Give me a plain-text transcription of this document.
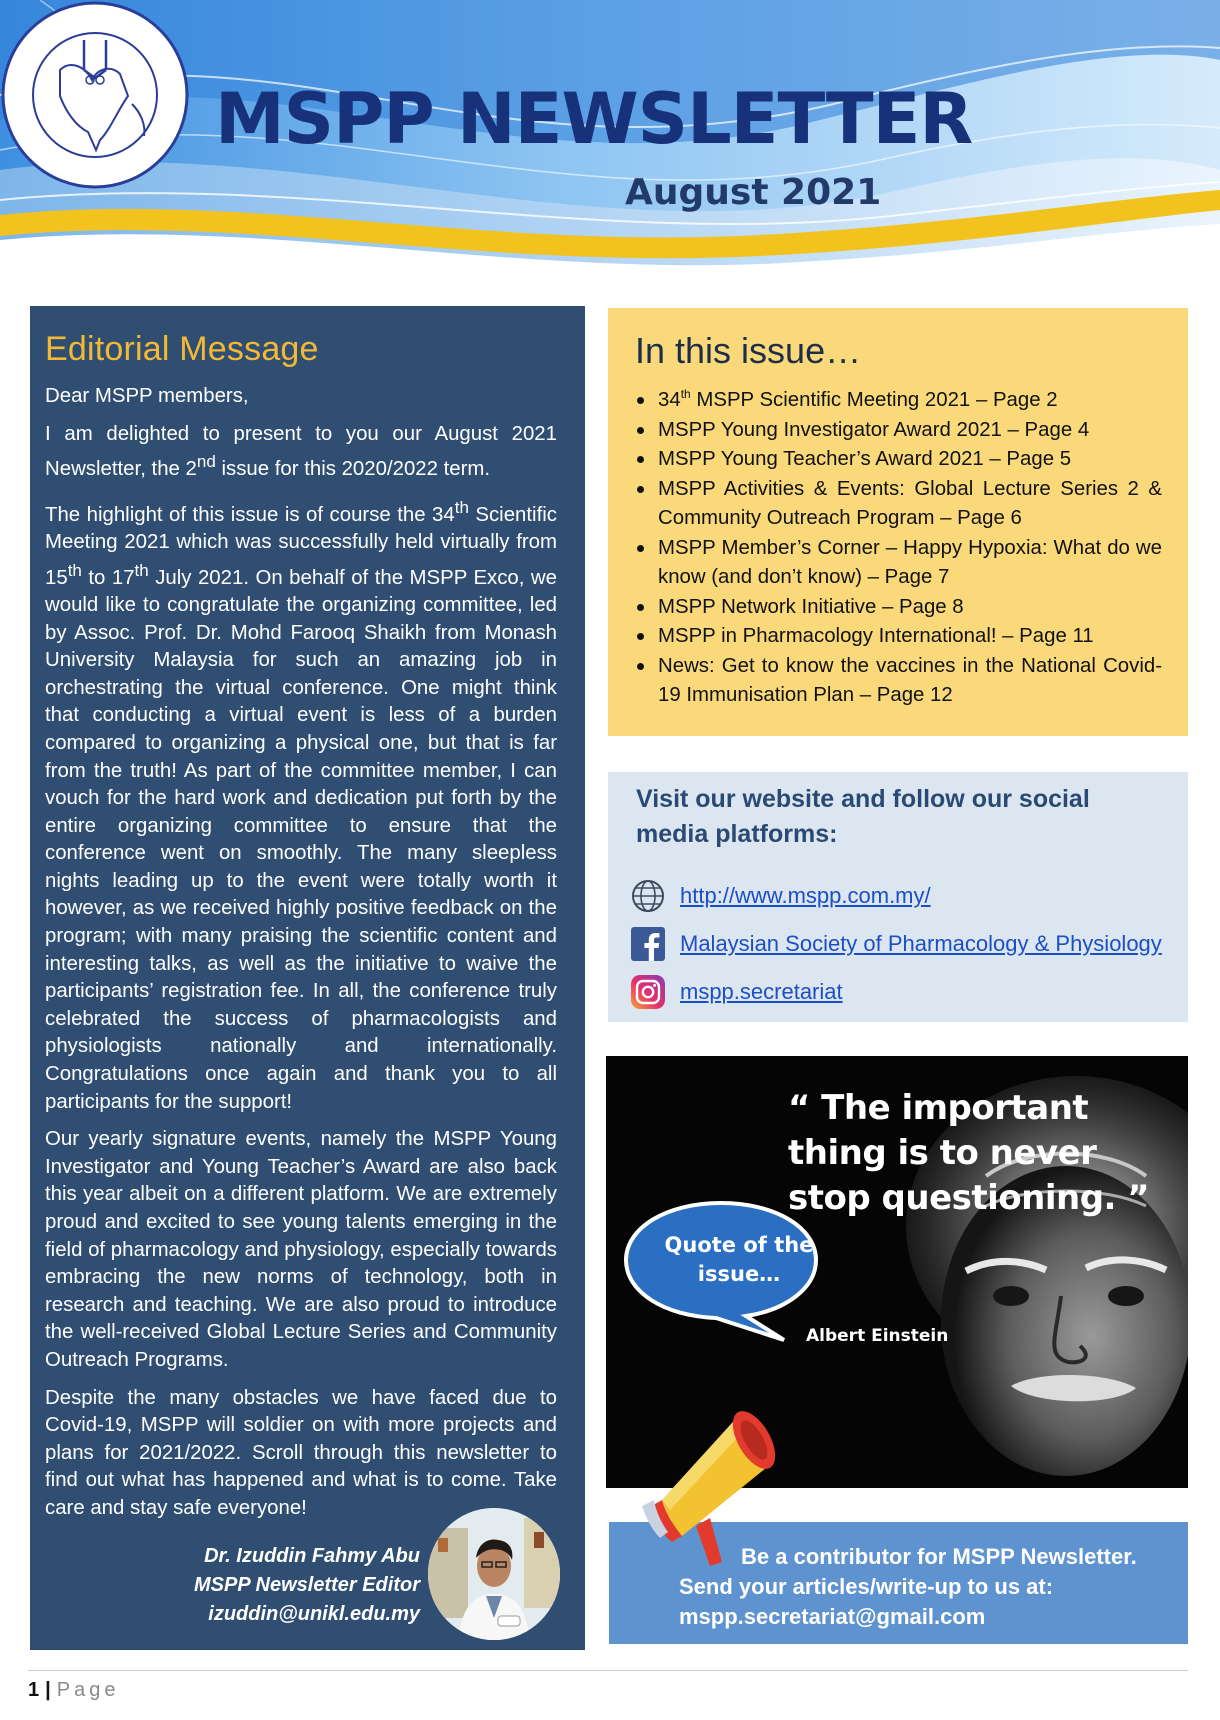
MSPP NEWSLETTER
August 2021
Editorial Message

Dear MSPP members,

I am delighted to present to you our August 2021 Newsletter, the 2nd issue for this 2020/2022 term.

The highlight of this issue is of course the 34th Scientific Meeting 2021 which was successfully held virtually from 15th to 17th July 2021. On behalf of the MSPP Exco, we would like to congratulate the organizing committee, led by Assoc. Prof. Dr. Mohd Farooq Shaikh from Monash University Malaysia for such an amazing job in orchestrating the virtual conference. One might think that conducting a virtual event is less of a burden compared to organizing a physical one, but that is far from the truth! As part of the committee member, I can vouch for the hard work and dedication put forth by the entire organizing committee to ensure that the conference went on smoothly. The many sleepless nights leading up to the event were totally worth it however, as we received highly positive feedback on the program; with many praising the scientific content and interesting talks, as well as the initiative to waive the participants’ registration fee. In all, the conference truly celebrated the success of pharmacologists and physiologists nationally and internationally. Congratulations once again and thank you to all participants for the support!

Our yearly signature events, namely the MSPP Young Investigator and Young Teacher’s Award are also back this year albeit on a different platform. We are extremely proud and excited to see young talents emerging in the field of pharmacology and physiology, especially towards embracing the new norms of technology, both in research and teaching. We are also proud to introduce the well-received Global Lecture Series and Community Outreach Programs.

Despite the many obstacles we have faced due to Covid-19, MSPP will soldier on with more projects and plans for 2021/2022. Scroll through this newsletter to find out what has happened and what is to come. Take care and stay safe everyone!

Dr. Izuddin Fahmy Abu
MSPP Newsletter Editor
izuddin@unikl.edu.my
In this issue…
34th MSPP Scientific Meeting 2021 – Page 2
MSPP Young Investigator Award 2021 – Page 4
MSPP Young Teacher’s Award 2021 – Page 5
MSPP Activities & Events: Global Lecture Series 2 & Community Outreach Program – Page 6
MSPP Member’s Corner – Happy Hypoxia: What do we know (and don’t know) – Page 7
MSPP Network Initiative – Page 8
MSPP in Pharmacology International! – Page 11
News: Get to know the vaccines in the National Covid-19 Immunisation Plan – Page 12
Visit our website and follow our social media platforms:
http://www.mspp.com.my/
Malaysian Society of Pharmacology & Physiology
mspp.secretariat
“ The important thing is to never stop questioning. ”
Quote of the issue…
Albert Einstein

Be a contributor for MSPP Newsletter.

Send your articles/write-up to us at:

mspp.secretariat@gmail.com

1 | Page
